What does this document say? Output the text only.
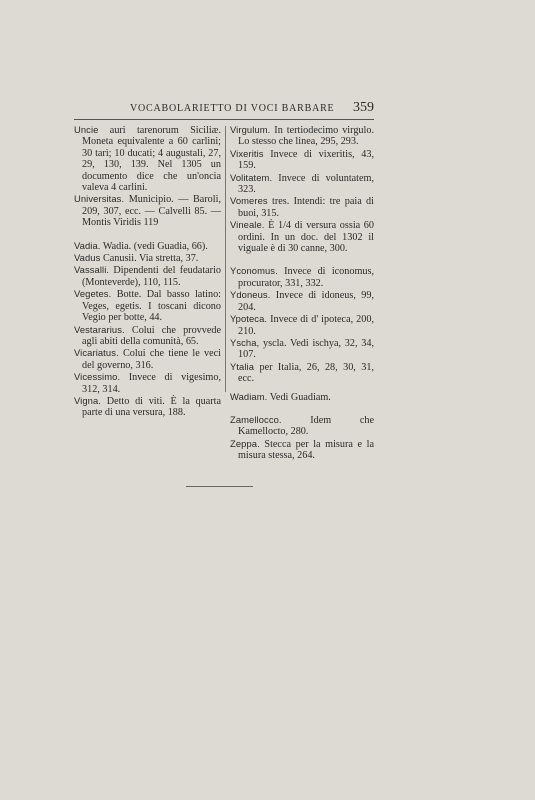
VOCABOLARIETTO DI VOCI BARBARE	359
Uncie auri tarenorum Siciliæ. Moneta equivalente a 60 carlini; 30 tarì; 10 ducati; 4 augustali, 27, 29, 130, 139. Nel 1305 un documento dice che un'oncia valeva 4 carlini.
Universitas. Municipio. — Baroli, 209, 307, ecc. — Calvelli 85. — Montis Viridis 119
Vadia. Wadia. (vedi Guadia, 66).
Vadus Canusii. Via stretta, 37.
Vassalli. Dipendenti del feudatario (Monteverde), 110, 115.
Vegetes. Botte. Dal basso latino: Veges, egetis. I toscani dicono Vegio per botte, 44.
Vestararius. Colui che provvede agli abiti della comunità, 65.
Vicariatus. Colui che tiene le veci del governo, 316.
Vicessimo. Invece di vigesimo, 312, 314.
Vigna. Detto di viti. È la quarta parte di una versura, 188.
Virgulum. In tertiodecimo virgulo. Lo stesso che linea, 295, 293.
Vixeritis Invece di vixeritis, 43, 159.
Volitatem. Invece di voluntatem, 323.
Vomeres tres. Intendi: tre paia di buoi, 315.
Vineale. È 1/4 di versura ossia 60 ordini. In un doc. del 1302 il viguale è di 30 canne, 300.
Yconomus. Invece di iconomus, procurator, 331, 332.
Ydoneus. Invece di idoneus, 99, 204.
Ypoteca. Invece di d' ipoteca, 200, 210.
Yscha, yscla. Vedi ischya, 32, 34, 107.
Ytalia per Italia, 26, 28, 30, 31, ecc.
Wadiam. Vedi Guadiam.
Zamellocco. Idem che Kamellocto, 280.
Zeppa. Stecca per la misura e la misura stessa, 264.
